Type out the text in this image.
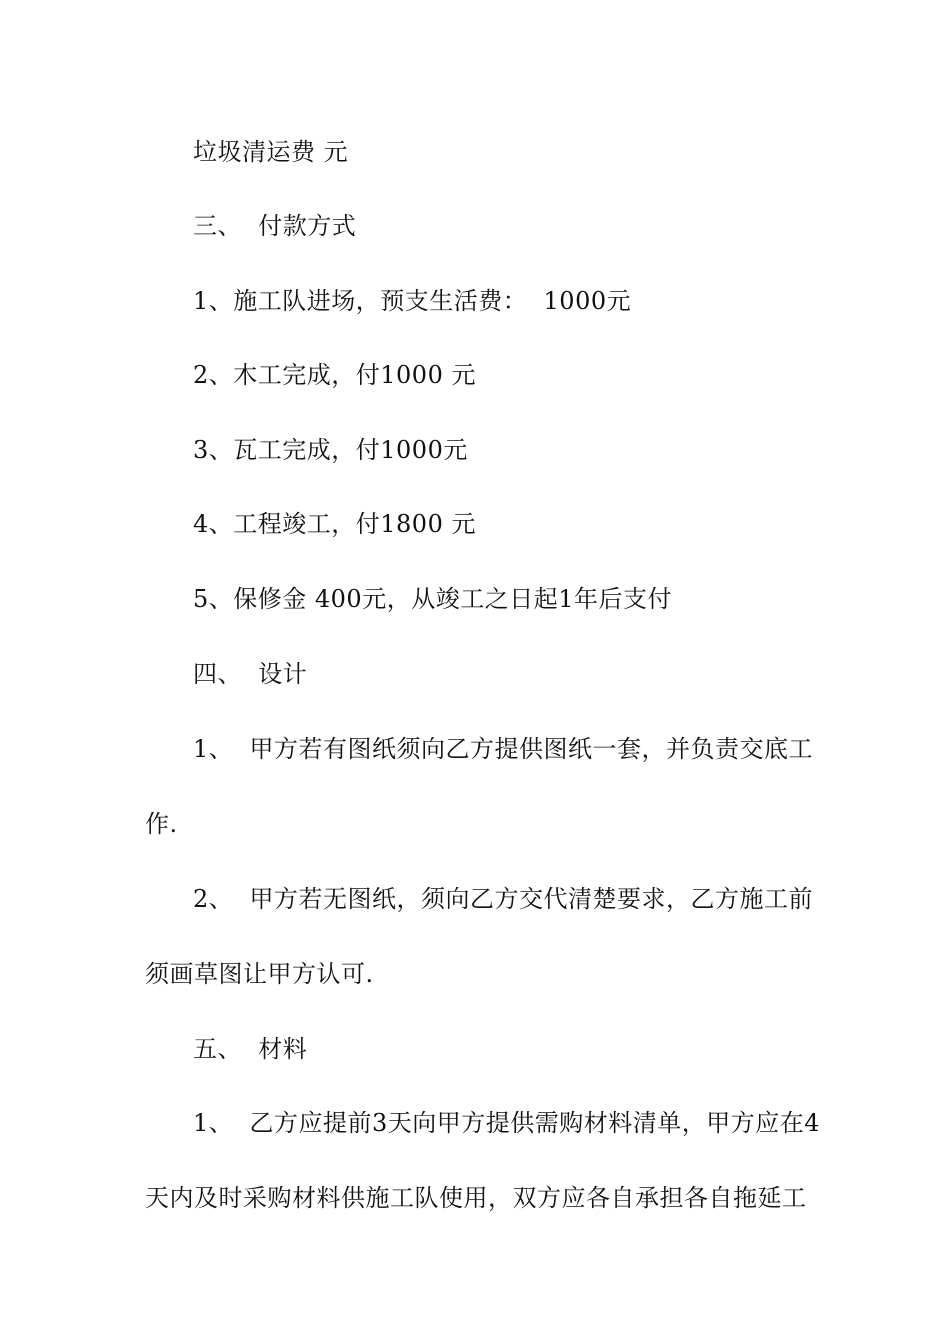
垃圾清运费 元
三、  付款方式
1、施工队进场，预支生活费：  1000元
2、木工完成，付1000 元
3、瓦工完成，付1000元
4、工程竣工，付1800 元
5、保修金 400元，从竣工之日起1年后支付
四、  设计
1、  甲方若有图纸须向乙方提供图纸一套，并负责交底工
作.
2、  甲方若无图纸，须向乙方交代清楚要求，乙方施工前
须画草图让甲方认可.
五、  材料
1、  乙方应提前3天向甲方提供需购材料清单，甲方应在4
天内及时采购材料供施工队使用，双方应各自承担各自拖延工
